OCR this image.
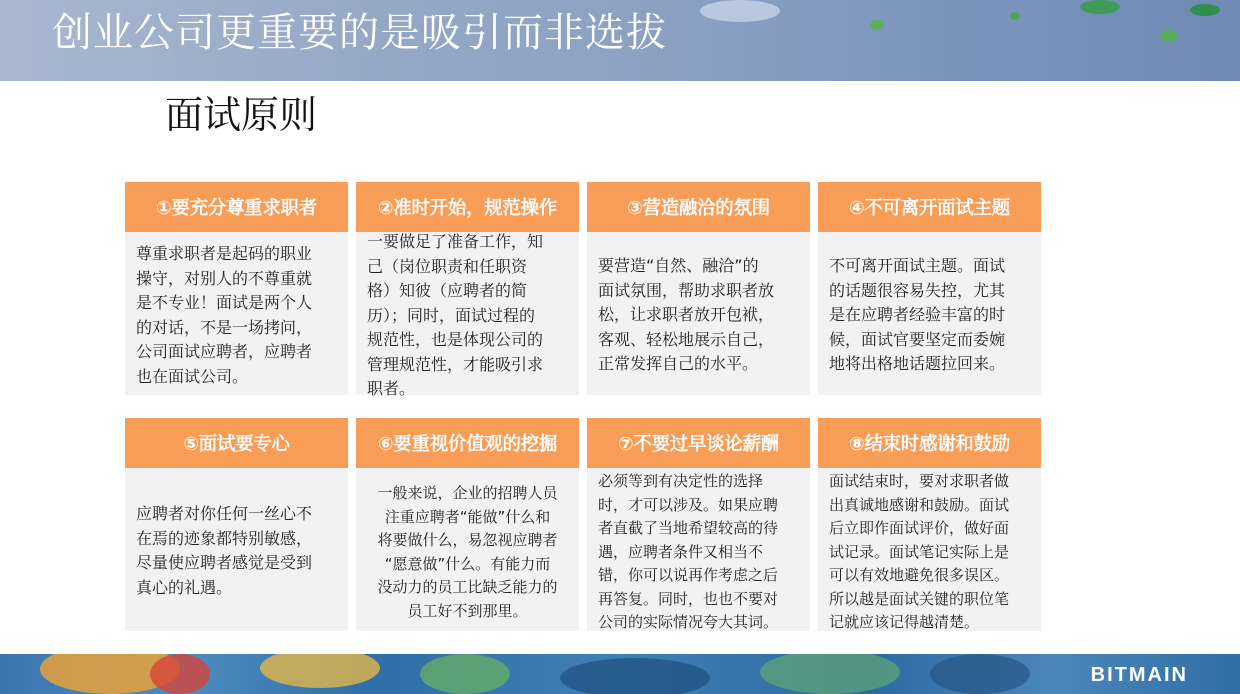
创业公司更重要的是吸引而非选拔
面试原则
①要充分尊重求职者
尊重求职者是起码的职业
操守，对别人的不尊重就
是不专业！面试是两个人
的对话，不是一场拷问，
公司面试应聘者，应聘者
也在面试公司。
②准时开始，规范操作
一要做足了准备工作，知
己（岗位职责和任职资
格）知彼（应聘者的简
历）；同时，面试过程的
规范性，也是体现公司的
管理规范性，才能吸引求
职者。
③营造融洽的氛围
要营造“自然、融洽”的
面试氛围，帮助求职者放
松，让求职者放开包袱，
客观、轻松地展示自己，
正常发挥自己的水平。
④不可离开面试主题
不可离开面试主题。面试
的话题很容易失控，尤其
是在应聘者经验丰富的时
候，面试官要坚定而委婉
地将出格地话题拉回来。
⑤面试要专心
应聘者对你任何一丝心不
在焉的迹象都特别敏感，
尽量使应聘者感觉是受到
真心的礼遇。
⑥要重视价值观的挖掘
一般来说，企业的招聘人员
注重应聘者“能做”什么和
将要做什么，易忽视应聘者
“愿意做”什么。有能力而
没动力的员工比缺乏能力的
员工好不到那里。
⑦不要过早谈论薪酬
必须等到有决定性的选择
时，才可以涉及。如果应聘
者直截了当地希望较高的待
遇，应聘者条件又相当不
错，你可以说再作考虑之后
再答复。同时，也也不要对
公司的实际情况夸大其词。
⑧结束时感谢和鼓励
面试结束时，要对求职者做
出真诚地感谢和鼓励。面试
后立即作面试评价，做好面
试记录。面试笔记实际上是
可以有效地避免很多误区。
所以越是面试关键的职位笔
记就应该记得越清楚。
BITMAIN
